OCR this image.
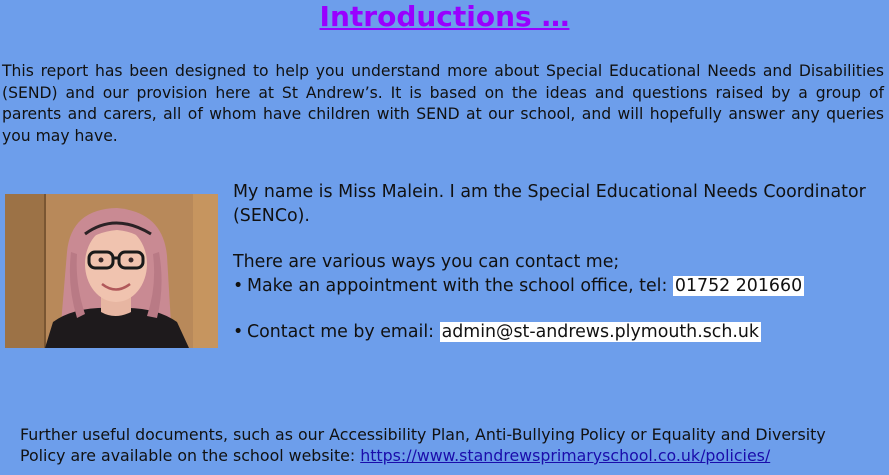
Introductions …

This report has been designed to help you understand more about Special Educational Needs and Disabilities (SEND) and our provision here at St Andrew’s. It is based on the ideas and questions raised by a group of parents and carers, all of whom have children with SEND at our school, and will hopefully answer any queries you may have.

My name is Miss Malein. I am the Special Educational Needs Coordinator (SENCo).

There are various ways you can contact me;

• Make an appointment with the school office, tel: 01752 201660

• Contact me by email: admin@st-andrews.plymouth.sch.uk

Further useful documents, such as our Accessibility Plan, Anti-Bullying Policy or Equality and Diversity Policy are available on the school website: https://www.standrewsprimaryschool.co.uk/policies/
